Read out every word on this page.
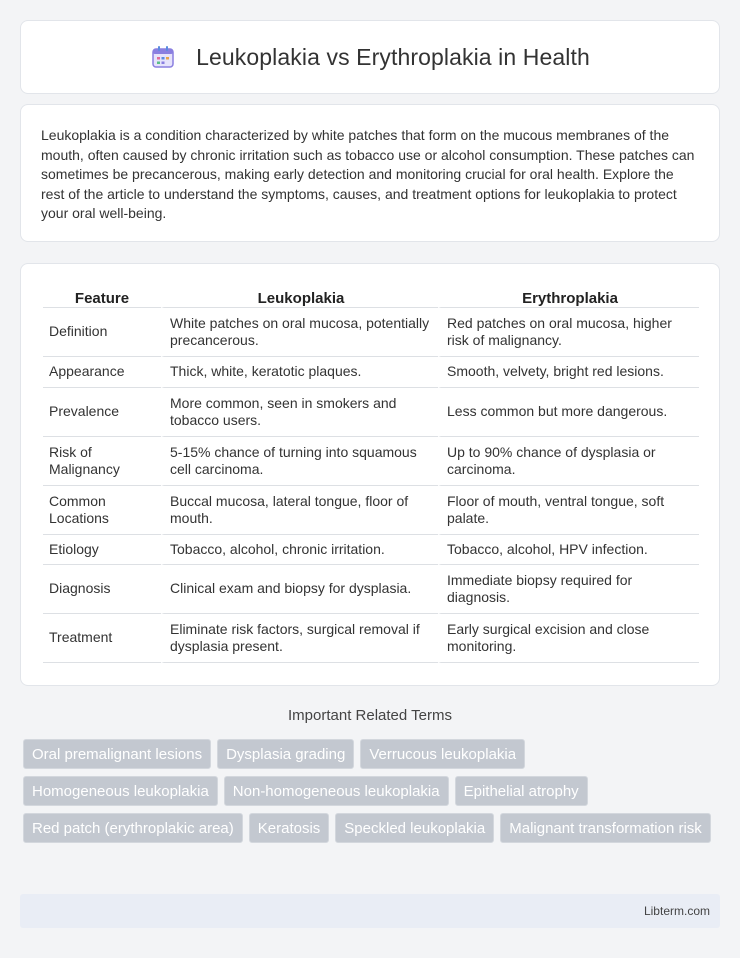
Leukoplakia vs Erythroplakia in Health

Leukoplakia is a condition characterized by white patches that form on the mucous membranes of the mouth, often caused by chronic irritation such as tobacco use or alcohol consumption. These patches can sometimes be precancerous, making early detection and monitoring crucial for oral health. Explore the rest of the article to understand the symptoms, causes, and treatment options for leukoplakia to protect your oral well-being.

Feature	Leukoplakia	Erythroplakia
Definition	White patches on oral mucosa, potentially precancerous.	Red patches on oral mucosa, higher risk of malignancy.
Appearance	Thick, white, keratotic plaques.	Smooth, velvety, bright red lesions.
Prevalence	More common, seen in smokers and tobacco users.	Less common but more dangerous.
Risk of Malignancy	5-15% chance of turning into squamous cell carcinoma.	Up to 90% chance of dysplasia or carcinoma.
Common Locations	Buccal mucosa, lateral tongue, floor of mouth.	Floor of mouth, ventral tongue, soft palate.
Etiology	Tobacco, alcohol, chronic irritation.	Tobacco, alcohol, HPV infection.
Diagnosis	Clinical exam and biopsy for dysplasia.	Immediate biopsy required for diagnosis.
Treatment	Eliminate risk factors, surgical removal if dysplasia present.	Early surgical excision and close monitoring.
Important Related Terms
Oral premalignant lesions	Dysplasia grading	Verrucous leukoplakia
Homogeneous leukoplakia	Non-homogeneous leukoplakia	Epithelial atrophy
Red patch (erythroplakic area)	Keratosis	Speckled leukoplakia	Malignant transformation risk
Libterm.com
